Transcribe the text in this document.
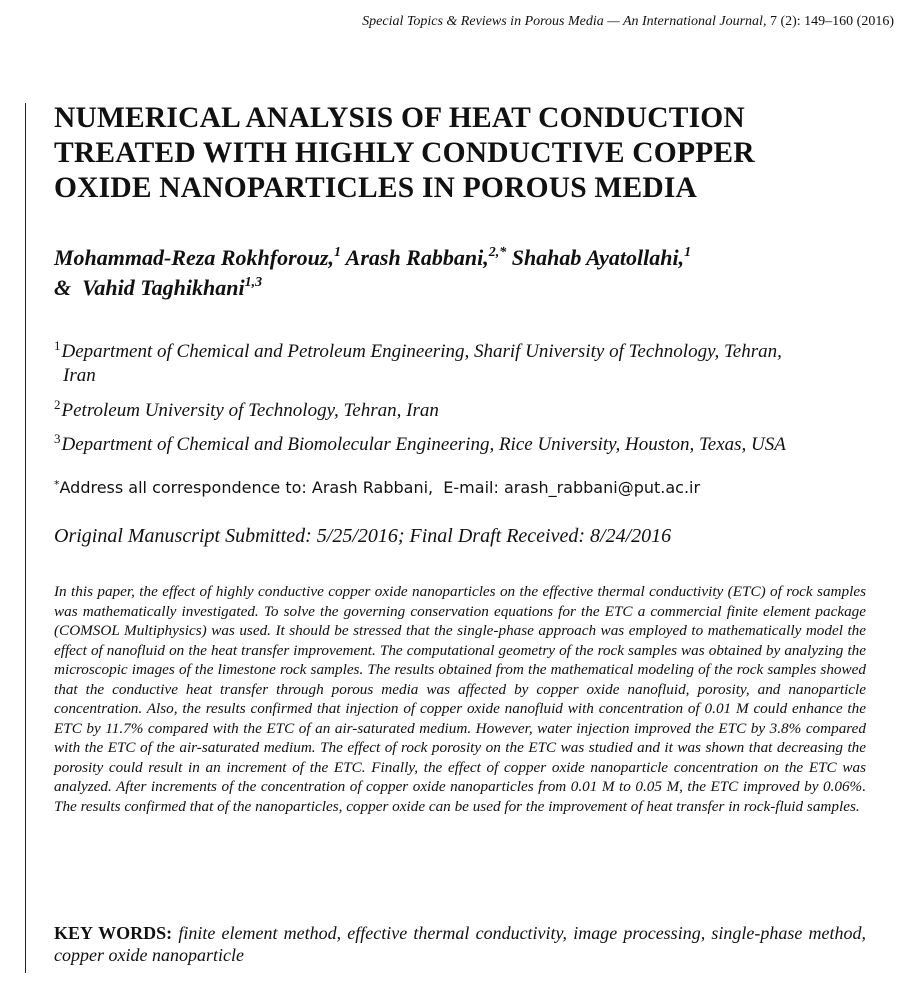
Special Topics & Reviews in Porous Media — An International Journal, 7 (2): 149–160 (2016)
NUMERICAL ANALYSIS OF HEAT CONDUCTION
TREATED WITH HIGHLY CONDUCTIVE COPPER
OXIDE NANOPARTICLES IN POROUS MEDIA
Mohammad-Reza Rokhforouz,$^1$ Arash Rabbani,$^{2,*}$ Shahab Ayatollahi,$^1$
& Vahid Taghikhani$^{1,3}$
$^1$Department of Chemical and Petroleum Engineering, Sharif University of Technology, Tehran,
Iran
$^2$Petroleum University of Technology, Tehran, Iran
$^3$Department of Chemical and Biomolecular Engineering, Rice University, Houston, Texas, USA
*Address all correspondence to: Arash Rabbani, E-mail: arash_rabbani@put.ac.ir
Original Manuscript Submitted: 5/25/2016; Final Draft Received: 8/24/2016

In this paper, the effect of highly conductive copper oxide nanoparticles on the effective thermal conductivity (ETC) of rock samples was mathematically investigated. To solve the governing conservation equations for the ETC a commercial finite element package (COMSOL Multiphysics) was used. It should be stressed that the single-phase approach was employed to mathematically model the effect of nanofluid on the heat transfer improvement. The computational geometry of the rock samples was obtained by analyzing the microscopic images of the limestone rock samples. The results obtained from the mathematical modeling of the rock samples showed that the conductive heat transfer through porous media was affected by copper oxide nanofluid, porosity, and nanoparticle concentration. Also, the results confirmed that injection of copper oxide nanofluid with concentration of 0.01 M could enhance the ETC by 11.7% compared with the ETC of an air-saturated medium. However, water injection improved the ETC by 3.8% compared with the ETC of the air-saturated medium. The effect of rock porosity on the ETC was studied and it was shown that decreasing the porosity could result in an increment of the ETC. Finally, the effect of copper oxide nanoparticle concentration on the ETC was analyzed. After increments of the concentration of copper oxide nanoparticles from 0.01 M to 0.05 M, the ETC improved by 0.06%. The results confirmed that of the nanoparticles, copper oxide can be used for the improvement of heat transfer in rock-fluid samples.

KEY WORDS: finite element method, effective thermal conductivity, image processing, single-phase method, copper oxide nanoparticle
